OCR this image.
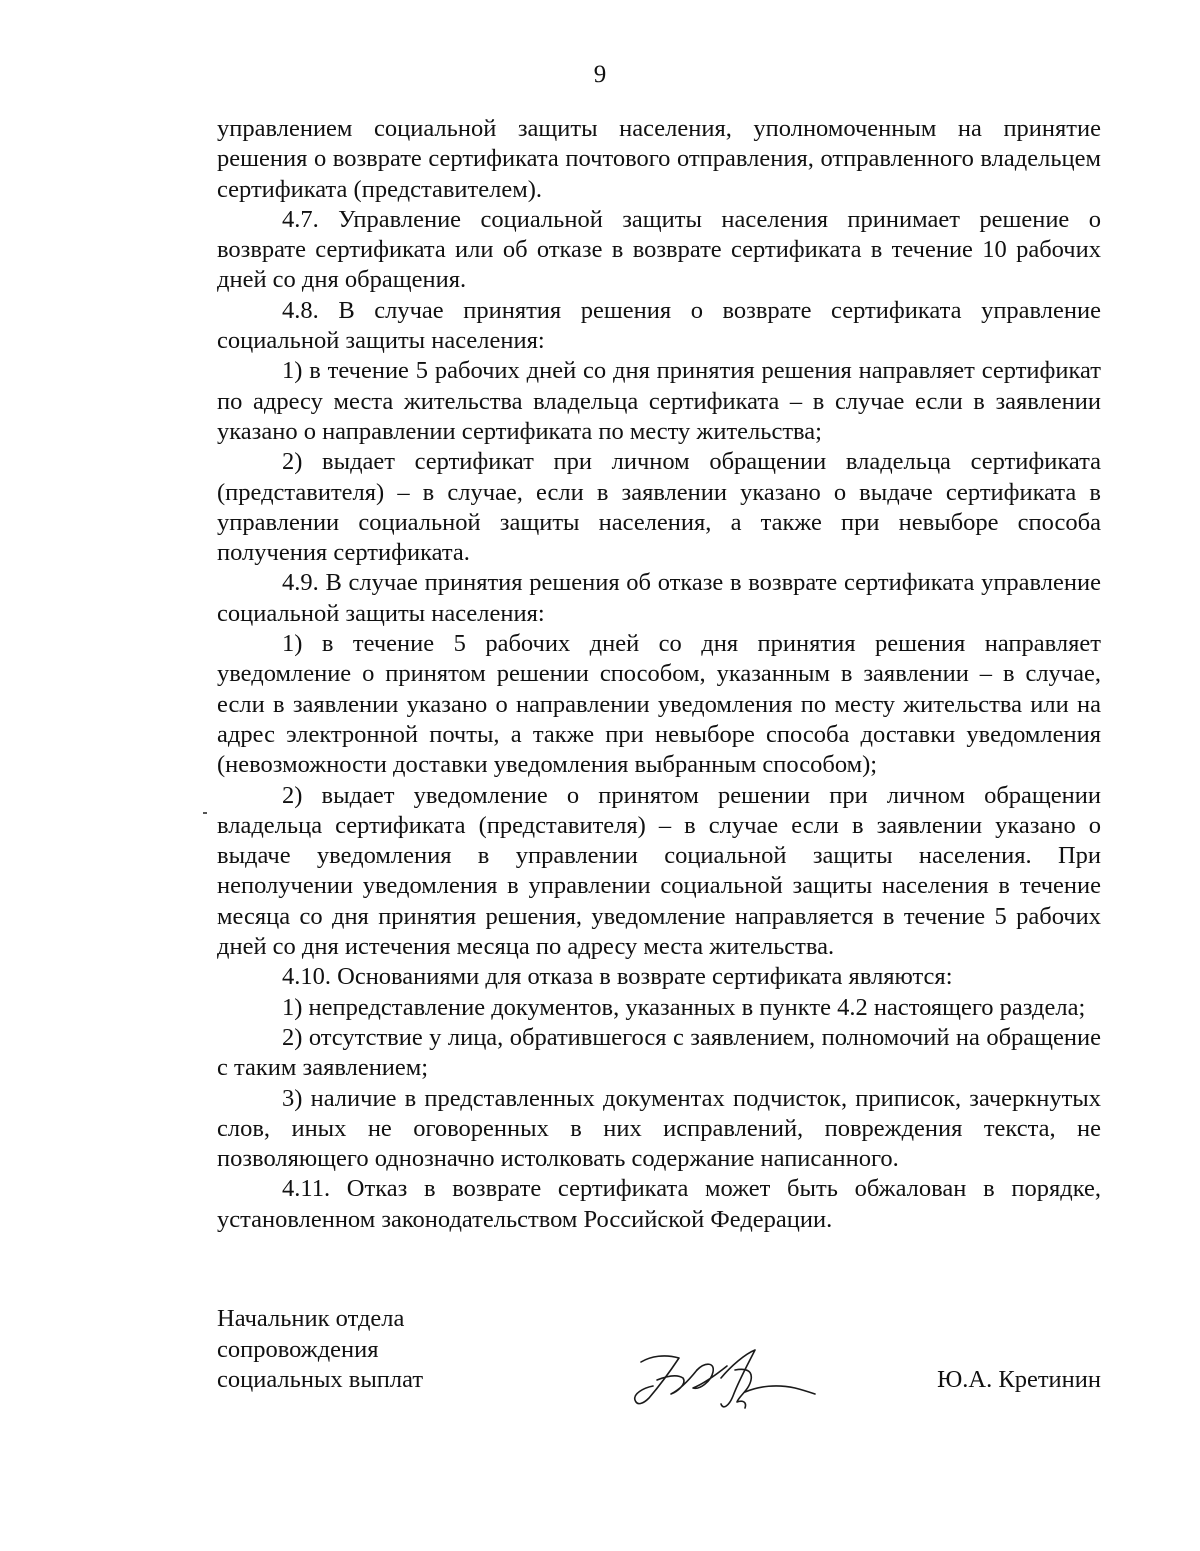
9

управлением социальной защиты населения, уполномоченным на принятие решения о возврате сертификата почтового отправления, отправленного владельцем сертификата (представителем).

4.7. Управление социальной защиты населения принимает решение о возврате сертификата или об отказе в возврате сертификата в течение 10 рабочих дней со дня обращения.

4.8. В случае принятия решения о возврате сертификата управление социальной защиты населения:

1) в течение 5 рабочих дней со дня принятия решения направляет сертификат по адресу места жительства владельца сертификата – в случае если в заявлении указано о направлении сертификата по месту жительства;

2) выдает сертификат при личном обращении владельца сертификата (представителя) – в случае, если в заявлении указано о выдаче сертификата в управлении социальной защиты населения, а также при невыборе способа получения сертификата.

4.9. В случае принятия решения об отказе в возврате сертификата управление социальной защиты населения:

1) в течение 5 рабочих дней со дня принятия решения направляет уведомление о принятом решении способом, указанным в заявлении – в случае, если в заявлении указано о направлении уведомления по месту жительства или на адрес электронной почты, а также при невыборе способа доставки уведомления (невозможности доставки уведомления выбранным способом);

2) выдает уведомление о принятом решении при личном обращении владельца сертификата (представителя) – в случае если в заявлении указано о выдаче уведомления в управлении социальной защиты населения. При неполучении уведомления в управлении социальной защиты населения в течение месяца со дня принятия решения, уведомление направляется в течение 5 рабочих дней со дня истечения месяца по адресу места жительства.

4.10. Основаниями для отказа в возврате сертификата являются:

1) непредставление документов, указанных в пункте 4.2 настоящего раздела;

2) отсутствие у лица, обратившегося с заявлением, полномочий на обращение с таким заявлением;

3) наличие в представленных документах подчисток, приписок, зачеркнутых слов, иных не оговоренных в них исправлений, повреждения текста, не позволяющего однозначно истолковать содержание написанного.

4.11. Отказ в возврате сертификата может быть обжалован в порядке, установленном законодательством Российской Федерации.

Начальник отдела
сопровождения
социальных выплат	Ю.А. Кретинин
